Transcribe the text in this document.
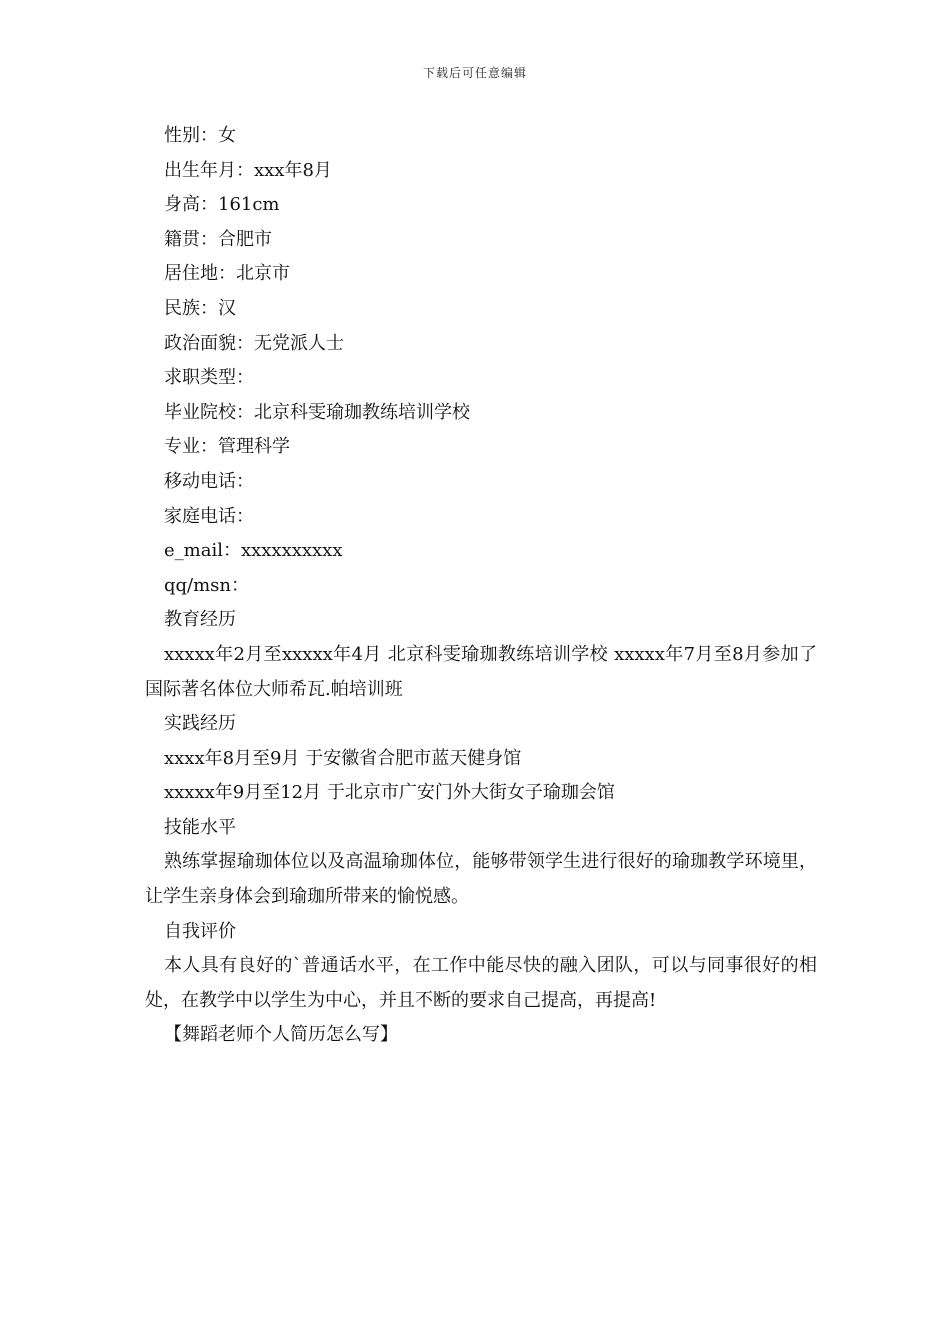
下载后可任意编辑
性别：女
出生年月：xxx年8月
身高：161cm
籍贯：合肥市
居住地：北京市
民族：汉
政治面貌：无党派人士
求职类型：
毕业院校：北京科雯瑜珈教练培训学校
专业：管理科学
移动电话：
家庭电话：
e_mail：xxxxxxxxxx
qq/msn：
教育经历

xxxxx年2月至xxxxx年4月 北京科雯瑜珈教练培训学校 xxxxx年7月至8月参加了国际著名体位大师希瓦.帕培训班

实践经历
xxxx年8月至9月 于安徽省合肥市蓝天健身馆
xxxxx年9月至12月 于北京市广安门外大街女子瑜珈会馆
技能水平

熟练掌握瑜珈体位以及高温瑜珈体位，能够带领学生进行很好的瑜珈教学环境里，让学生亲身体会到瑜珈所带来的愉悦感。

自我评价

本人具有良好的`普通话水平，在工作中能尽快的融入团队，可以与同事很好的相处，在教学中以学生为中心，并且不断的要求自己提高，再提高!

【舞蹈老师个人简历怎么写】
